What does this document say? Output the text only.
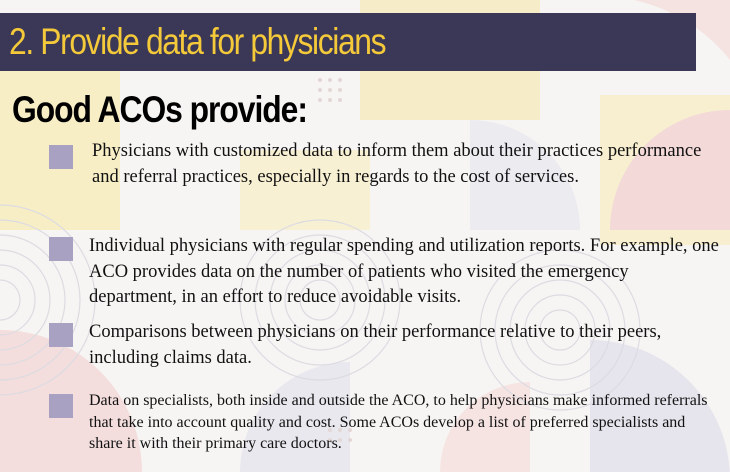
2. Provide data for physicians
Good ACOs provide:

Physicians with customized data to inform them about their practices performance and referral practices, especially in regards to the cost of services.

Individual physicians with regular spending and utilization reports. For example, one ACO provides data on the number of patients who visited the emergency department, in an effort to reduce avoidable visits.

Comparisons between physicians on their performance relative to their peers, including claims data.

Data on specialists, both inside and outside the ACO, to help physicians make informed referrals that take into account quality and cost. Some ACOs develop a list of preferred specialists and share it with their primary care doctors.
